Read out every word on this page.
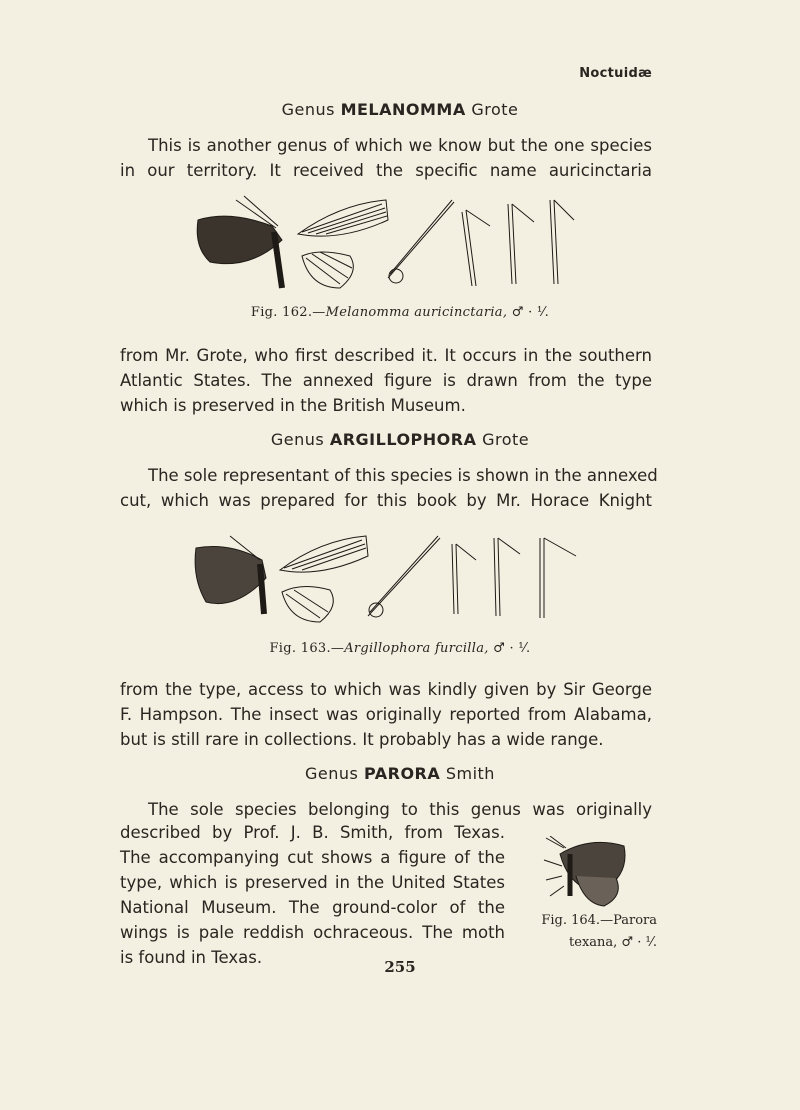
Noctuidæ
Genus MELANOMMA Grote

This is another genus of which we know but the one species
in our territory. It received the specific name auricinctaria

Fig. 162.—Melanomma auricinctaria, ♂ · ⅟.

from Mr. Grote, who first described it. It occurs in the southern
Atlantic States. The annexed figure is drawn from the type
which is preserved in the British Museum.

Genus ARGILLOPHORA Grote

The sole representant of this species is shown in the annexed
cut, which was prepared for this book by Mr. Horace Knight

Fig. 163.—Argillophora furcilla, ♂ · ⅟.

from the type, access to which was kindly given by Sir George
F. Hampson. The insect was originally reported from Alabama,
but is still rare in collections. It probably has a wide range.

Genus PARORA Smith

The sole species belonging to this genus was originally

described by Prof. J. B. Smith, from Texas.
The accompanying cut shows a figure of the
type, which is preserved in the United States
National Museum. The ground-color of the
wings is pale reddish ochraceous. The moth
is found in Texas.

Fig. 164.—Parora
texana, ♂ · ⅟.
255
